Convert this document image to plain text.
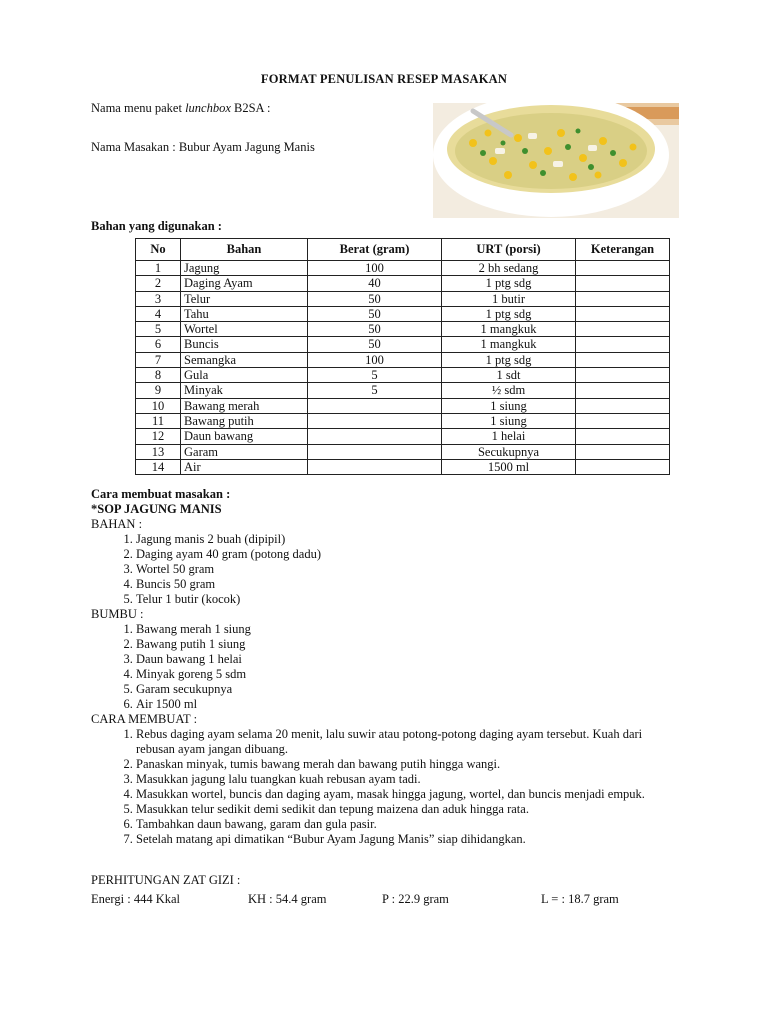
FORMAT PENULISAN RESEP MASAKAN
Nama menu paket lunchbox B2SA :
Nama Masakan : Bubur Ayam Jagung Manis
Bahan yang digunakan :
No	Bahan	Berat (gram)	URT (porsi)	Keterangan
1	Jagung	100	2 bh sedang	
2	Daging Ayam	40	1 ptg sdg	
3	Telur	50	1 butir	
4	Tahu	50	1 ptg sdg	
5	Wortel	50	1 mangkuk	
6	Buncis	50	1 mangkuk	
7	Semangka	100	1 ptg sdg	
8	Gula	5	1 sdt	
9	Minyak	5	½ sdm	
10	Bawang merah		1 siung	
11	Bawang putih		1 siung	
12	Daun bawang		1 helai	
13	Garam		Secukupnya	
14	Air		1500 ml	
Cara membuat masakan :
*SOP JAGUNG MANIS
BAHAN :
1. Jagung manis 2 buah (dipipil)
2. Daging ayam 40 gram (potong dadu)
3. Wortel 50 gram
4. Buncis 50 gram
5. Telur 1 butir (kocok)
BUMBU :
1. Bawang merah 1 siung
2. Bawang putih 1 siung
3. Daun bawang 1 helai
4. Minyak goreng 5 sdm
5. Garam secukupnya
6. Air 1500 ml
CARA MEMBUAT :
1. Rebus daging ayam selama 20 menit, lalu suwir atau potong-potong daging ayam tersebut. Kuah dari rebusan ayam jangan dibuang.
2. Panaskan minyak, tumis bawang merah dan bawang putih hingga wangi.
3. Masukkan jagung lalu tuangkan kuah rebusan ayam tadi.
4. Masukkan wortel, buncis dan daging ayam, masak hingga jagung, wortel, dan buncis menjadi empuk.
5. Masukkan telur sedikit demi sedikit dan tepung maizena dan aduk hingga rata.
6. Tambahkan daun bawang, garam dan gula pasir.
7. Setelah matang api dimatikan “Bubur Ayam Jagung Manis” siap dihidangkan.
PERHITUNGAN ZAT GIZI :
Energi : 444 Kkal	KH : 54.4 gram	P : 22.9 gram	L = : 18.7 gram
